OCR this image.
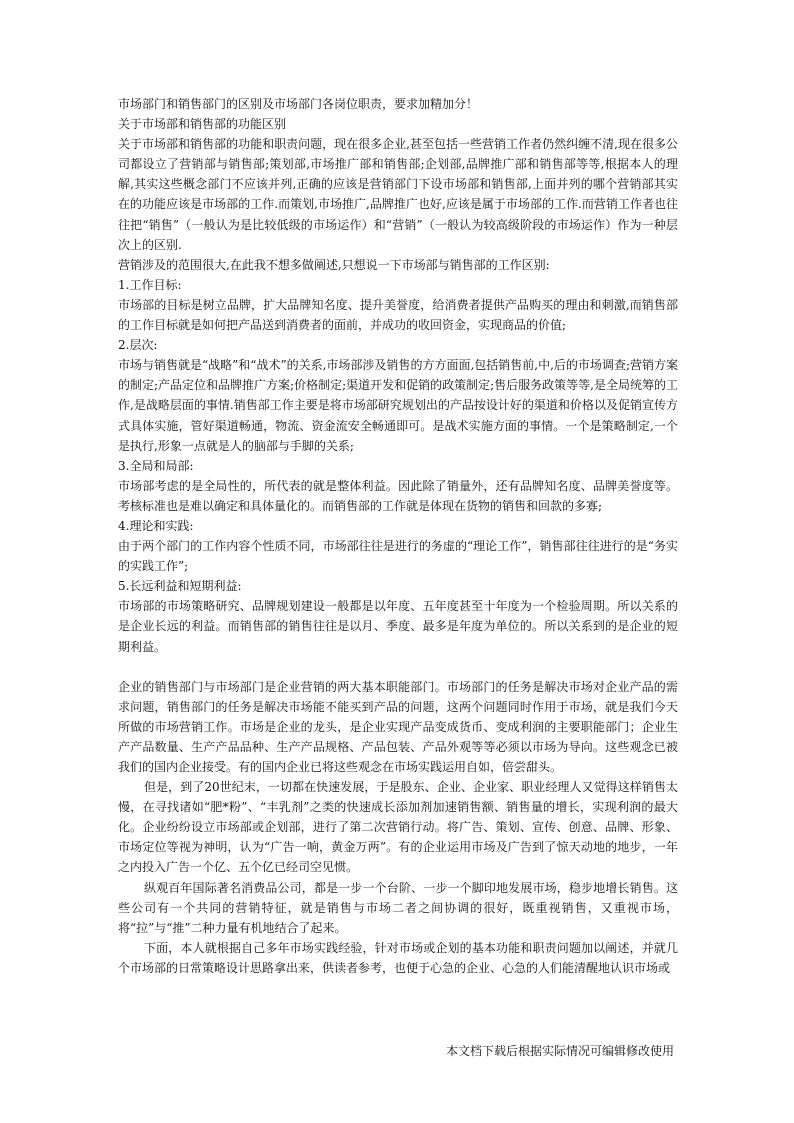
市场部门和销售部门的区别及市场部门各岗位职责，要求加精加分！

关于市场部和销售部的功能区别

关于市场部和销售部的功能和职责问题，现在很多企业,甚至包括一些营销工作者仍然纠缠不清,现在很多公司都设立了营销部与销售部;策划部,市场推广部和销售部;企划部,品牌推广部和销售部等等,根据本人的理解,其实这些概念部门不应该并列,正确的应该是营销部门下设市场部和销售部,上面并列的哪个营销部其实在的功能应该是市场部的工作.而策划,市场推广,品牌推广也好,应该是属于市场部的工作.而营销工作者也往往把“销售”（一般认为是比较低级的市场运作）和“营销”（一般认为较高级阶段的市场运作）作为一种层次上的区别.

营销涉及的范围很大,在此我不想多做阐述,只想说一下市场部与销售部的工作区别:

1.工作目标:

市场部的目标是树立品牌，扩大品牌知名度、提升美誉度，给消费者提供产品购买的理由和刺激,而销售部的工作目标就是如何把产品送到消费者的面前，并成功的收回资金，实现商品的价值;

2.层次:

市场与销售就是“战略”和“战术”的关系,市场部涉及销售的方方面面,包括销售前,中,后的市场调查;营销方案的制定;产品定位和品牌推广方案;价格制定;渠道开发和促销的政策制定;售后服务政策等等,是全局统筹的工作,是战略层面的事情.销售部工作主要是将市场部研究规划出的产品按设计好的渠道和价格以及促销宣传方式具体实施，管好渠道畅通，物流、资金流安全畅通即可。是战术实施方面的事情。一个是策略制定,一个是执行,形象一点就是人的脑部与手脚的关系;

3.全局和局部:

市场部考虑的是全局性的，所代表的就是整体利益。因此除了销量外，还有品牌知名度、品牌美誉度等。考核标准也是难以确定和具体量化的。而销售部的工作就是体现在货物的销售和回款的多寡;

4.理论和实践:

由于两个部门的工作内容个性质不同，市场部往往是进行的务虚的“理论工作”，销售部往往进行的是“务实的实践工作”;

5.长远利益和短期利益:

市场部的市场策略研究、品牌规划建设一般都是以年度、五年度甚至十年度为一个检验周期。所以关系的是企业长远的利益。而销售部的销售往往是以月、季度、最多是年度为单位的。所以关系到的是企业的短期利益。

企业的销售部门与市场部门是企业营销的两大基本职能部门。市场部门的任务是解决市场对企业产品的需求问题，销售部门的任务是解决市场能不能买到产品的问题，这两个问题同时作用于市场，就是我们今天所做的市场营销工作。市场是企业的龙头，是企业实现产品变成货币、变成利润的主要职能部门；企业生产产品数量、生产产品品种、生产产品规格、产品包装、产品外观等等必须以市场为导向。这些观念已被我们的国内企业接受。有的国内企业已将这些观念在市场实践运用自如，倍尝甜头。

但是，到了20世纪末，一切都在快速发展，于是股东、企业、企业家、职业经理人又觉得这样销售太慢，在寻找诸如“肥*粉”、“丰乳剂”之类的快速成长添加剂加速销售额、销售量的增长，实现利润的最大化。企业纷纷设立市场部或企划部，进行了第二次营销行动。将广告、策划、宣传、创意、品牌、形象、市场定位等视为神明，认为“广告一响，黄金万两”。有的企业运用市场及广告到了惊天动地的地步，一年之内投入广告一个亿、五个亿已经司空见惯。

纵观百年国际著名消费品公司，都是一步一个台阶、一步一个脚印地发展市场，稳步地增长销售。这些公司有一个共同的营销特征，就是销售与市场二者之间协调的很好，既重视销售，又重视市场，将“拉”与“推”二种力量有机地结合了起来。

下面，本人就根据自己多年市场实践经验，针对市场或企划的基本功能和职责问题加以阐述，并就几个市场部的日常策略设计思路拿出来，供读者参考，也便于心急的企业、心急的人们能清醒地认识市场或

本文档下载后根据实际情况可编辑修改使用
